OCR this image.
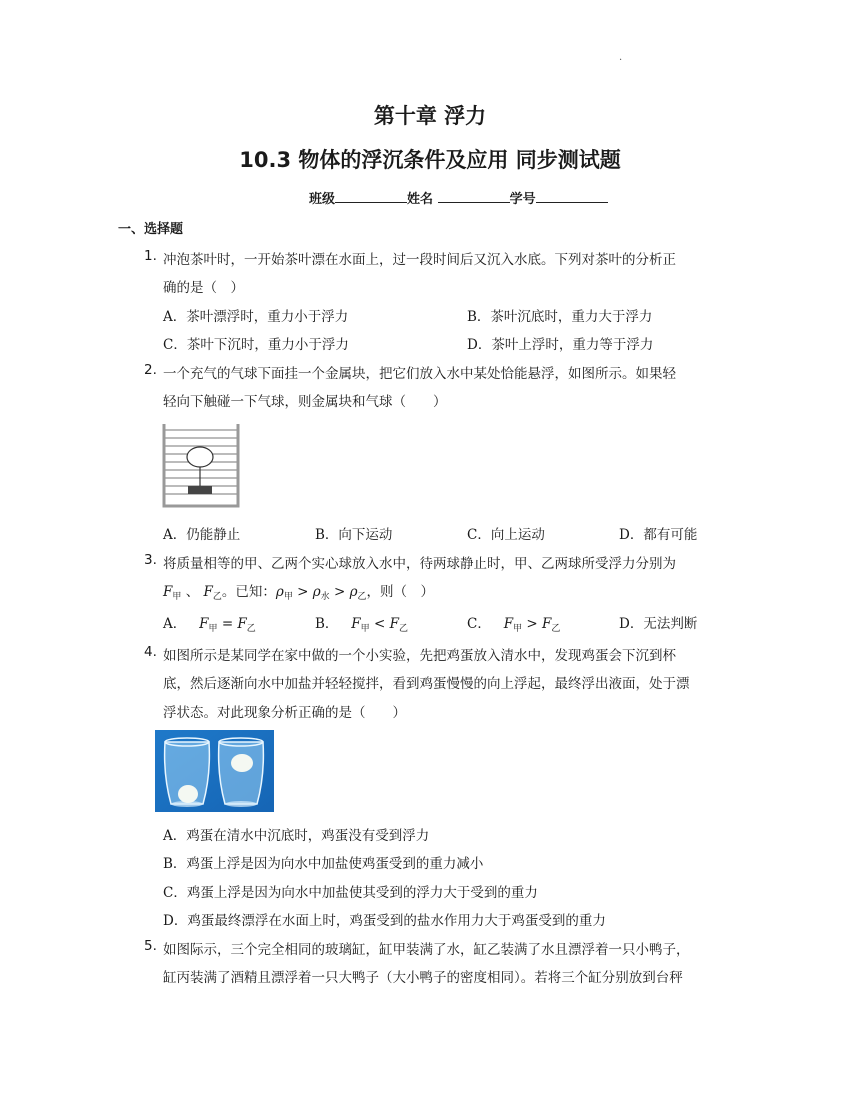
.
第十章 浮力
10.3 物体的浮沉条件及应用 同步测试题
班级	姓名	学号
一、选择题
1. 冲泡茶叶时，一开始茶叶漂在水面上，过一段时间后又沉入水底。下列对茶叶的分析正
确的是（　）
A．茶叶漂浮时，重力小于浮力	B．茶叶沉底时，重力大于浮力
C．茶叶下沉时，重力小于浮力	D．茶叶上浮时，重力等于浮力
2. 一个充气的气球下面挂一个金属块，把它们放入水中某处恰能悬浮，如图所示。如果轻
轻向下触碰一下气球，则金属块和气球（　　）
A．仍能静止	B．向下运动	C．向上运动	D．都有可能
3. 将质量相等的甲、乙两个实心球放入水中，待两球静止时，甲、乙两球所受浮力分别为
$F_甲$ 、 $F_乙$。已知：$\rho_甲 > \rho_水 > \rho_乙$，则（　）
A． $F_甲 = F_乙$	B． $F_甲 < F_乙$	C． $F_甲 > F_乙$	D．无法判断
4. 如图所示是某同学在家中做的一个小实验，先把鸡蛋放入清水中，发现鸡蛋会下沉到杯
底，然后逐渐向水中加盐并轻轻搅拌，看到鸡蛋慢慢的向上浮起，最终浮出液面，处于漂
浮状态。对此现象分析正确的是（　　）
A．鸡蛋在清水中沉底时，鸡蛋没有受到浮力
B．鸡蛋上浮是因为向水中加盐使鸡蛋受到的重力减小
C．鸡蛋上浮是因为向水中加盐使其受到的浮力大于受到的重力
D．鸡蛋最终漂浮在水面上时，鸡蛋受到的盐水作用力大于鸡蛋受到的重力
5. 如图际示，三个完全相同的玻璃缸，缸甲装满了水，缸乙装满了水且漂浮着一只小鸭子，
缸丙装满了酒精且漂浮着一只大鸭子（大小鸭子的密度相同）。若将三个缸分别放到台秤
